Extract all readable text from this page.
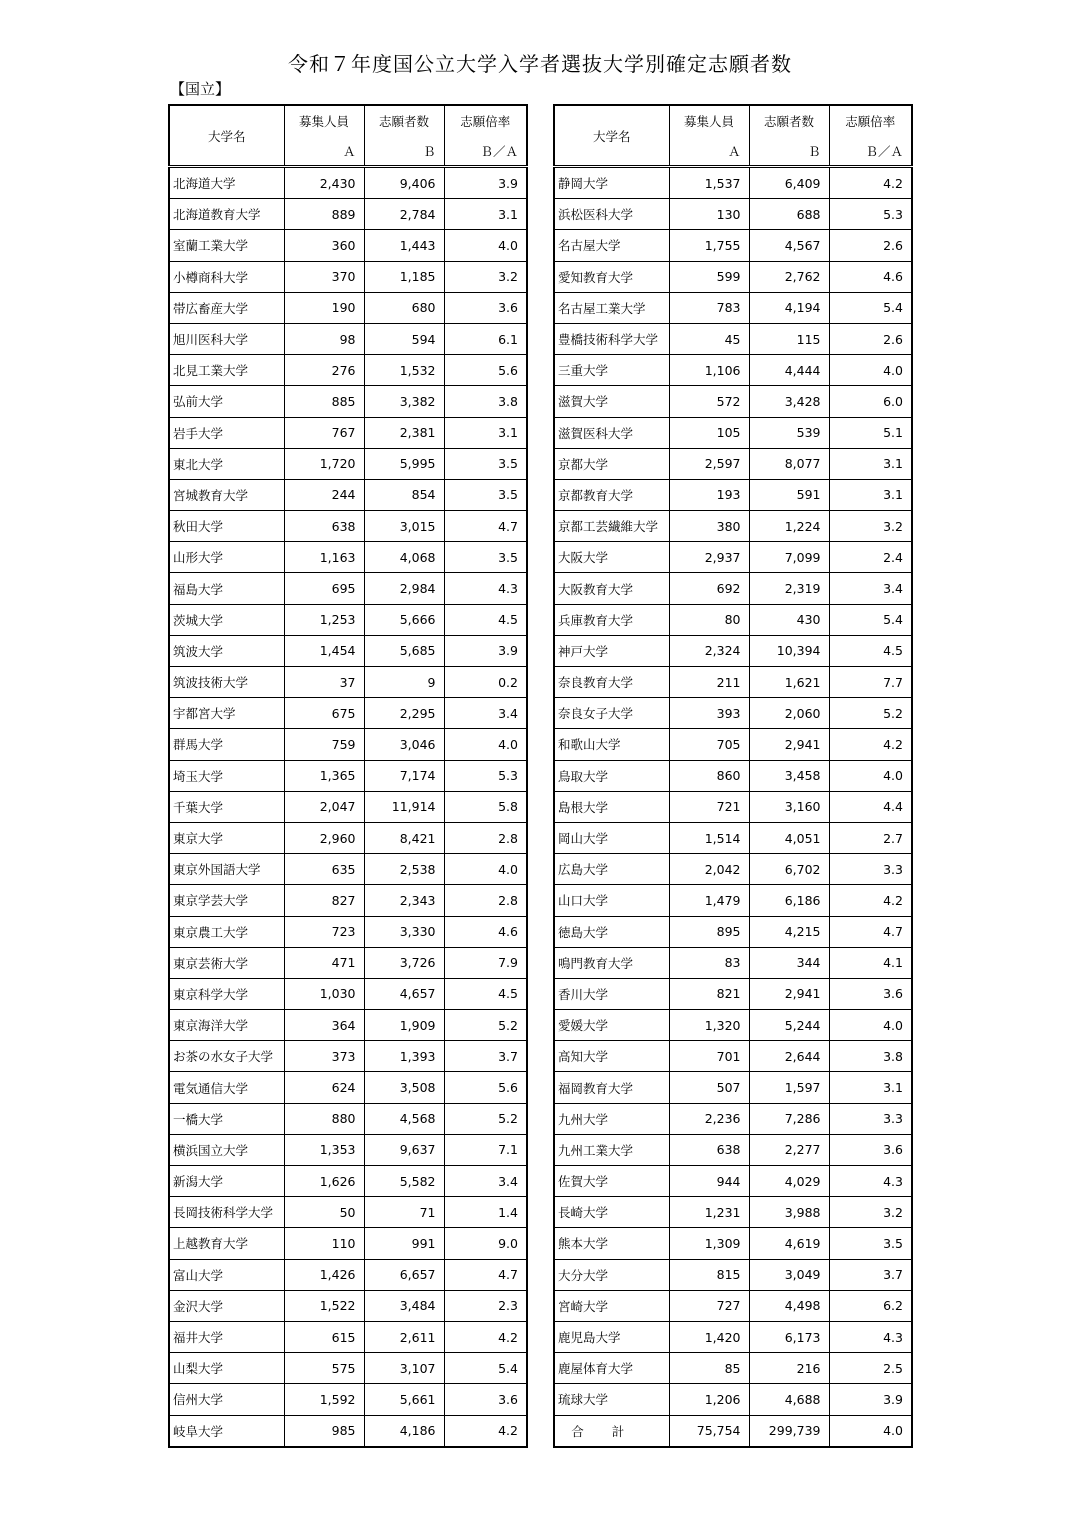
令和７年度国公立大学入学者選抜大学別確定志願者数
【国立】
大学名	募集人員	志願者数	志願倍率
	Ａ	Ｂ	Ｂ／Ａ
北海道大学	2,430	9,406	3.9
北海道教育大学	889	2,784	3.1
室蘭工業大学	360	1,443	4.0
小樽商科大学	370	1,185	3.2
帯広畜産大学	190	680	3.6
旭川医科大学	98	594	6.1
北見工業大学	276	1,532	5.6
弘前大学	885	3,382	3.8
岩手大学	767	2,381	3.1
東北大学	1,720	5,995	3.5
宮城教育大学	244	854	3.5
秋田大学	638	3,015	4.7
山形大学	1,163	4,068	3.5
福島大学	695	2,984	4.3
茨城大学	1,253	5,666	4.5
筑波大学	1,454	5,685	3.9
筑波技術大学	37	9	0.2
宇都宮大学	675	2,295	3.4
群馬大学	759	3,046	4.0
埼玉大学	1,365	7,174	5.3
千葉大学	2,047	11,914	5.8
東京大学	2,960	8,421	2.8
東京外国語大学	635	2,538	4.0
東京学芸大学	827	2,343	2.8
東京農工大学	723	3,330	4.6
東京芸術大学	471	3,726	7.9
東京科学大学	1,030	4,657	4.5
東京海洋大学	364	1,909	5.2
お茶の水女子大学	373	1,393	3.7
電気通信大学	624	3,508	5.6
一橋大学	880	4,568	5.2
横浜国立大学	1,353	9,637	7.1
新潟大学	1,626	5,582	3.4
長岡技術科学大学	50	71	1.4
上越教育大学	110	991	9.0
富山大学	1,426	6,657	4.7
金沢大学	1,522	3,484	2.3
福井大学	615	2,611	4.2
山梨大学	575	3,107	5.4
信州大学	1,592	5,661	3.6
岐阜大学	985	4,186	4.2
大学名	募集人員	志願者数	志願倍率
	Ａ	Ｂ	Ｂ／Ａ
静岡大学	1,537	6,409	4.2
浜松医科大学	130	688	5.3
名古屋大学	1,755	4,567	2.6
愛知教育大学	599	2,762	4.6
名古屋工業大学	783	4,194	5.4
豊橋技術科学大学	45	115	2.6
三重大学	1,106	4,444	4.0
滋賀大学	572	3,428	6.0
滋賀医科大学	105	539	5.1
京都大学	2,597	8,077	3.1
京都教育大学	193	591	3.1
京都工芸繊維大学	380	1,224	3.2
大阪大学	2,937	7,099	2.4
大阪教育大学	692	2,319	3.4
兵庫教育大学	80	430	5.4
神戸大学	2,324	10,394	4.5
奈良教育大学	211	1,621	7.7
奈良女子大学	393	2,060	5.2
和歌山大学	705	2,941	4.2
鳥取大学	860	3,458	4.0
島根大学	721	3,160	4.4
岡山大学	1,514	4,051	2.7
広島大学	2,042	6,702	3.3
山口大学	1,479	6,186	4.2
徳島大学	895	4,215	4.7
鳴門教育大学	83	344	4.1
香川大学	821	2,941	3.6
愛媛大学	1,320	5,244	4.0
高知大学	701	2,644	3.8
福岡教育大学	507	1,597	3.1
九州大学	2,236	7,286	3.3
九州工業大学	638	2,277	3.6
佐賀大学	944	4,029	4.3
長崎大学	1,231	3,988	3.2
熊本大学	1,309	4,619	3.5
大分大学	815	3,049	3.7
宮崎大学	727	4,498	6.2
鹿児島大学	1,420	6,173	4.3
鹿屋体育大学	85	216	2.5
琉球大学	1,206	4,688	3.9
合計	75,754	299,739	4.0
